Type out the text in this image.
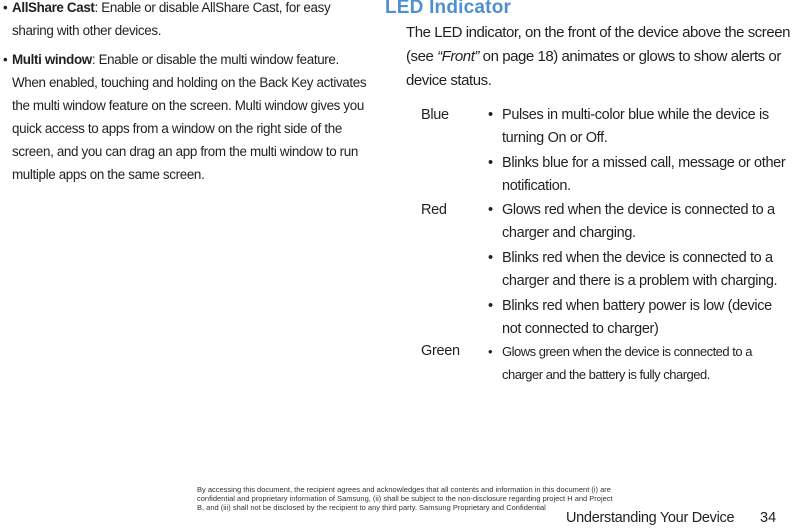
• AllShare Cast: Enable or disable AllShare Cast, for easy sharing with other devices.
• Multi window: Enable or disable the multi window feature. When enabled, touching and holding on the Back Key activates the multi window feature on the screen. Multi window gives you quick access to apps from a window on the right side of the screen, and you can drag an app from the multi window to run multiple apps on the same screen.
LED Indicator
The LED indicator, on the front of the device above the screen (see “Front” on page 18) animates or glows to show alerts or device status.
Blue	• Pulses in multi-color blue while the device is turning On or Off.
• Blinks blue for a missed call, message or other notification.
Red	• Glows red when the device is connected to a charger and charging.
• Blinks red when the device is connected to a charger and there is a problem with charging.
• Blinks red when battery power is low (device not connected to charger)
Green • Glows green when the device is connected to a charger and the battery is fully charged.
By accessing this document, the recipient agrees and acknowledges that all contents and information in this document (i) are confidential and proprietary information of Samsung, (ii) shall be subject to the non-disclosure regarding project H and Project B, and (iii) shall not be disclosed by the recipient to any third party. Samsung Proprietary and Confidential
Understanding Your Device 34
